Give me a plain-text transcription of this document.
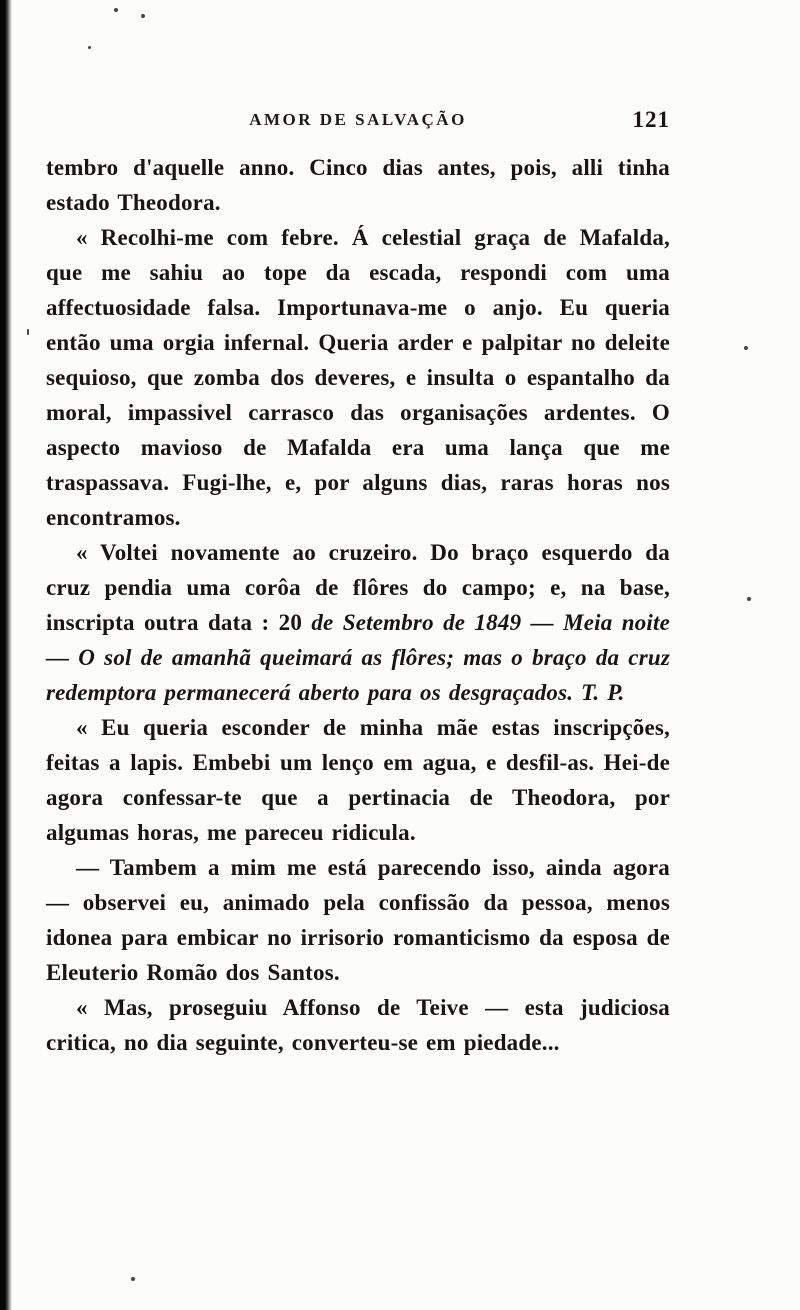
AMOR DE SALVAÇÃO	121

tembro d'aquelle anno. Cinco dias antes, pois, alli tinha estado Theodora.

« Recolhi-me com febre. Á celestial graça de Mafalda, que me sahiu ao tope da escada, respondi com uma affectuosidade falsa. Importunava-me o anjo. Eu queria então uma orgia infernal. Queria arder e palpitar no deleite sequioso, que zomba dos deveres, e insulta o espantalho da moral, impassivel carrasco das organisações ardentes. O aspecto mavioso de Mafalda era uma lança que me traspassava. Fugi-lhe, e, por alguns dias, raras horas nos encontramos.

« Voltei novamente ao cruzeiro. Do braço esquerdo da cruz pendia uma corôa de flôres do campo; e, na base, inscripta outra data : 20 de Setembro de 1849 — Meia noite — O sol de amanhã queimará as flôres; mas o braço da cruz redemptora permanecerá aberto para os desgraçados. T. P.

« Eu queria esconder de minha mãe estas inscripções, feitas a lapis. Embebi um lenço em agua, e desfil-as. Hei-de agora confessar-te que a pertinacia de Theodora, por algumas horas, me pareceu ridicula.

— Tambem a mim me está parecendo isso, ainda agora — observei eu, animado pela confissão da pessoa, menos idonea para embicar no irrisorio romanticismo da esposa de Eleuterio Romão dos Santos.

« Mas, proseguiu Affonso de Teive — esta judiciosa critica, no dia seguinte, converteu-se em piedade...
